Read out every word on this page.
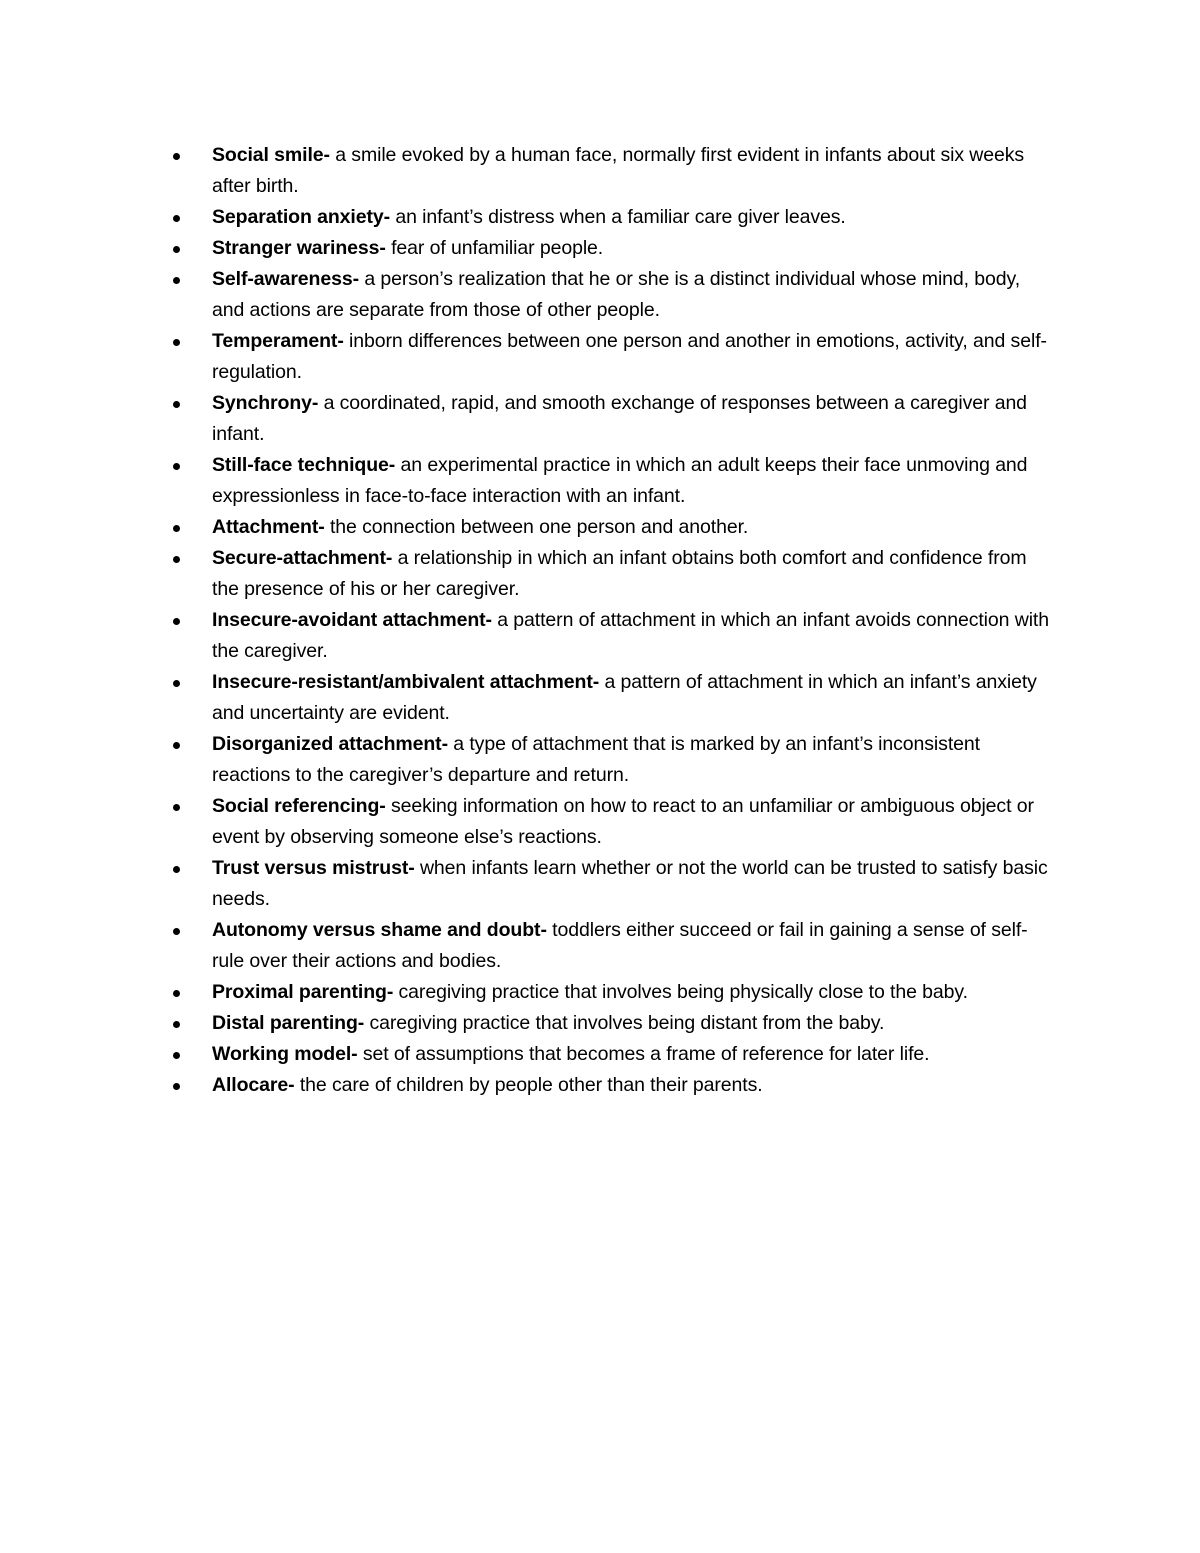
Social smile- a smile evoked by a human face, normally first evident in infants about six weeks after birth.
Separation anxiety- an infant’s distress when a familiar care giver leaves.
Stranger wariness- fear of unfamiliar people.
Self-awareness- a person’s realization that he or she is a distinct individual whose mind, body, and actions are separate from those of other people.
Temperament- inborn differences between one person and another in emotions, activity, and self-regulation.
Synchrony- a coordinated, rapid, and smooth exchange of responses between a caregiver and infant.
Still-face technique- an experimental practice in which an adult keeps their face unmoving and expressionless in face-to-face interaction with an infant.
Attachment- the connection between one person and another.
Secure-attachment- a relationship in which an infant obtains both comfort and confidence from the presence of his or her caregiver.
Insecure-avoidant attachment- a pattern of attachment in which an infant avoids connection with the caregiver.
Insecure-resistant/ambivalent attachment- a pattern of attachment in which an infant’s anxiety and uncertainty are evident.
Disorganized attachment- a type of attachment that is marked by an infant’s inconsistent reactions to the caregiver’s departure and return.
Social referencing- seeking information on how to react to an unfamiliar or ambiguous object or event by observing someone else’s reactions.
Trust versus mistrust- when infants learn whether or not the world can be trusted to satisfy basic needs.
Autonomy versus shame and doubt- toddlers either succeed or fail in gaining a sense of self-rule over their actions and bodies.
Proximal parenting- caregiving practice that involves being physically close to the baby.
Distal parenting- caregiving practice that involves being distant from the baby.
Working model- set of assumptions that becomes a frame of reference for later life.
Allocare- the care of children by people other than their parents.
